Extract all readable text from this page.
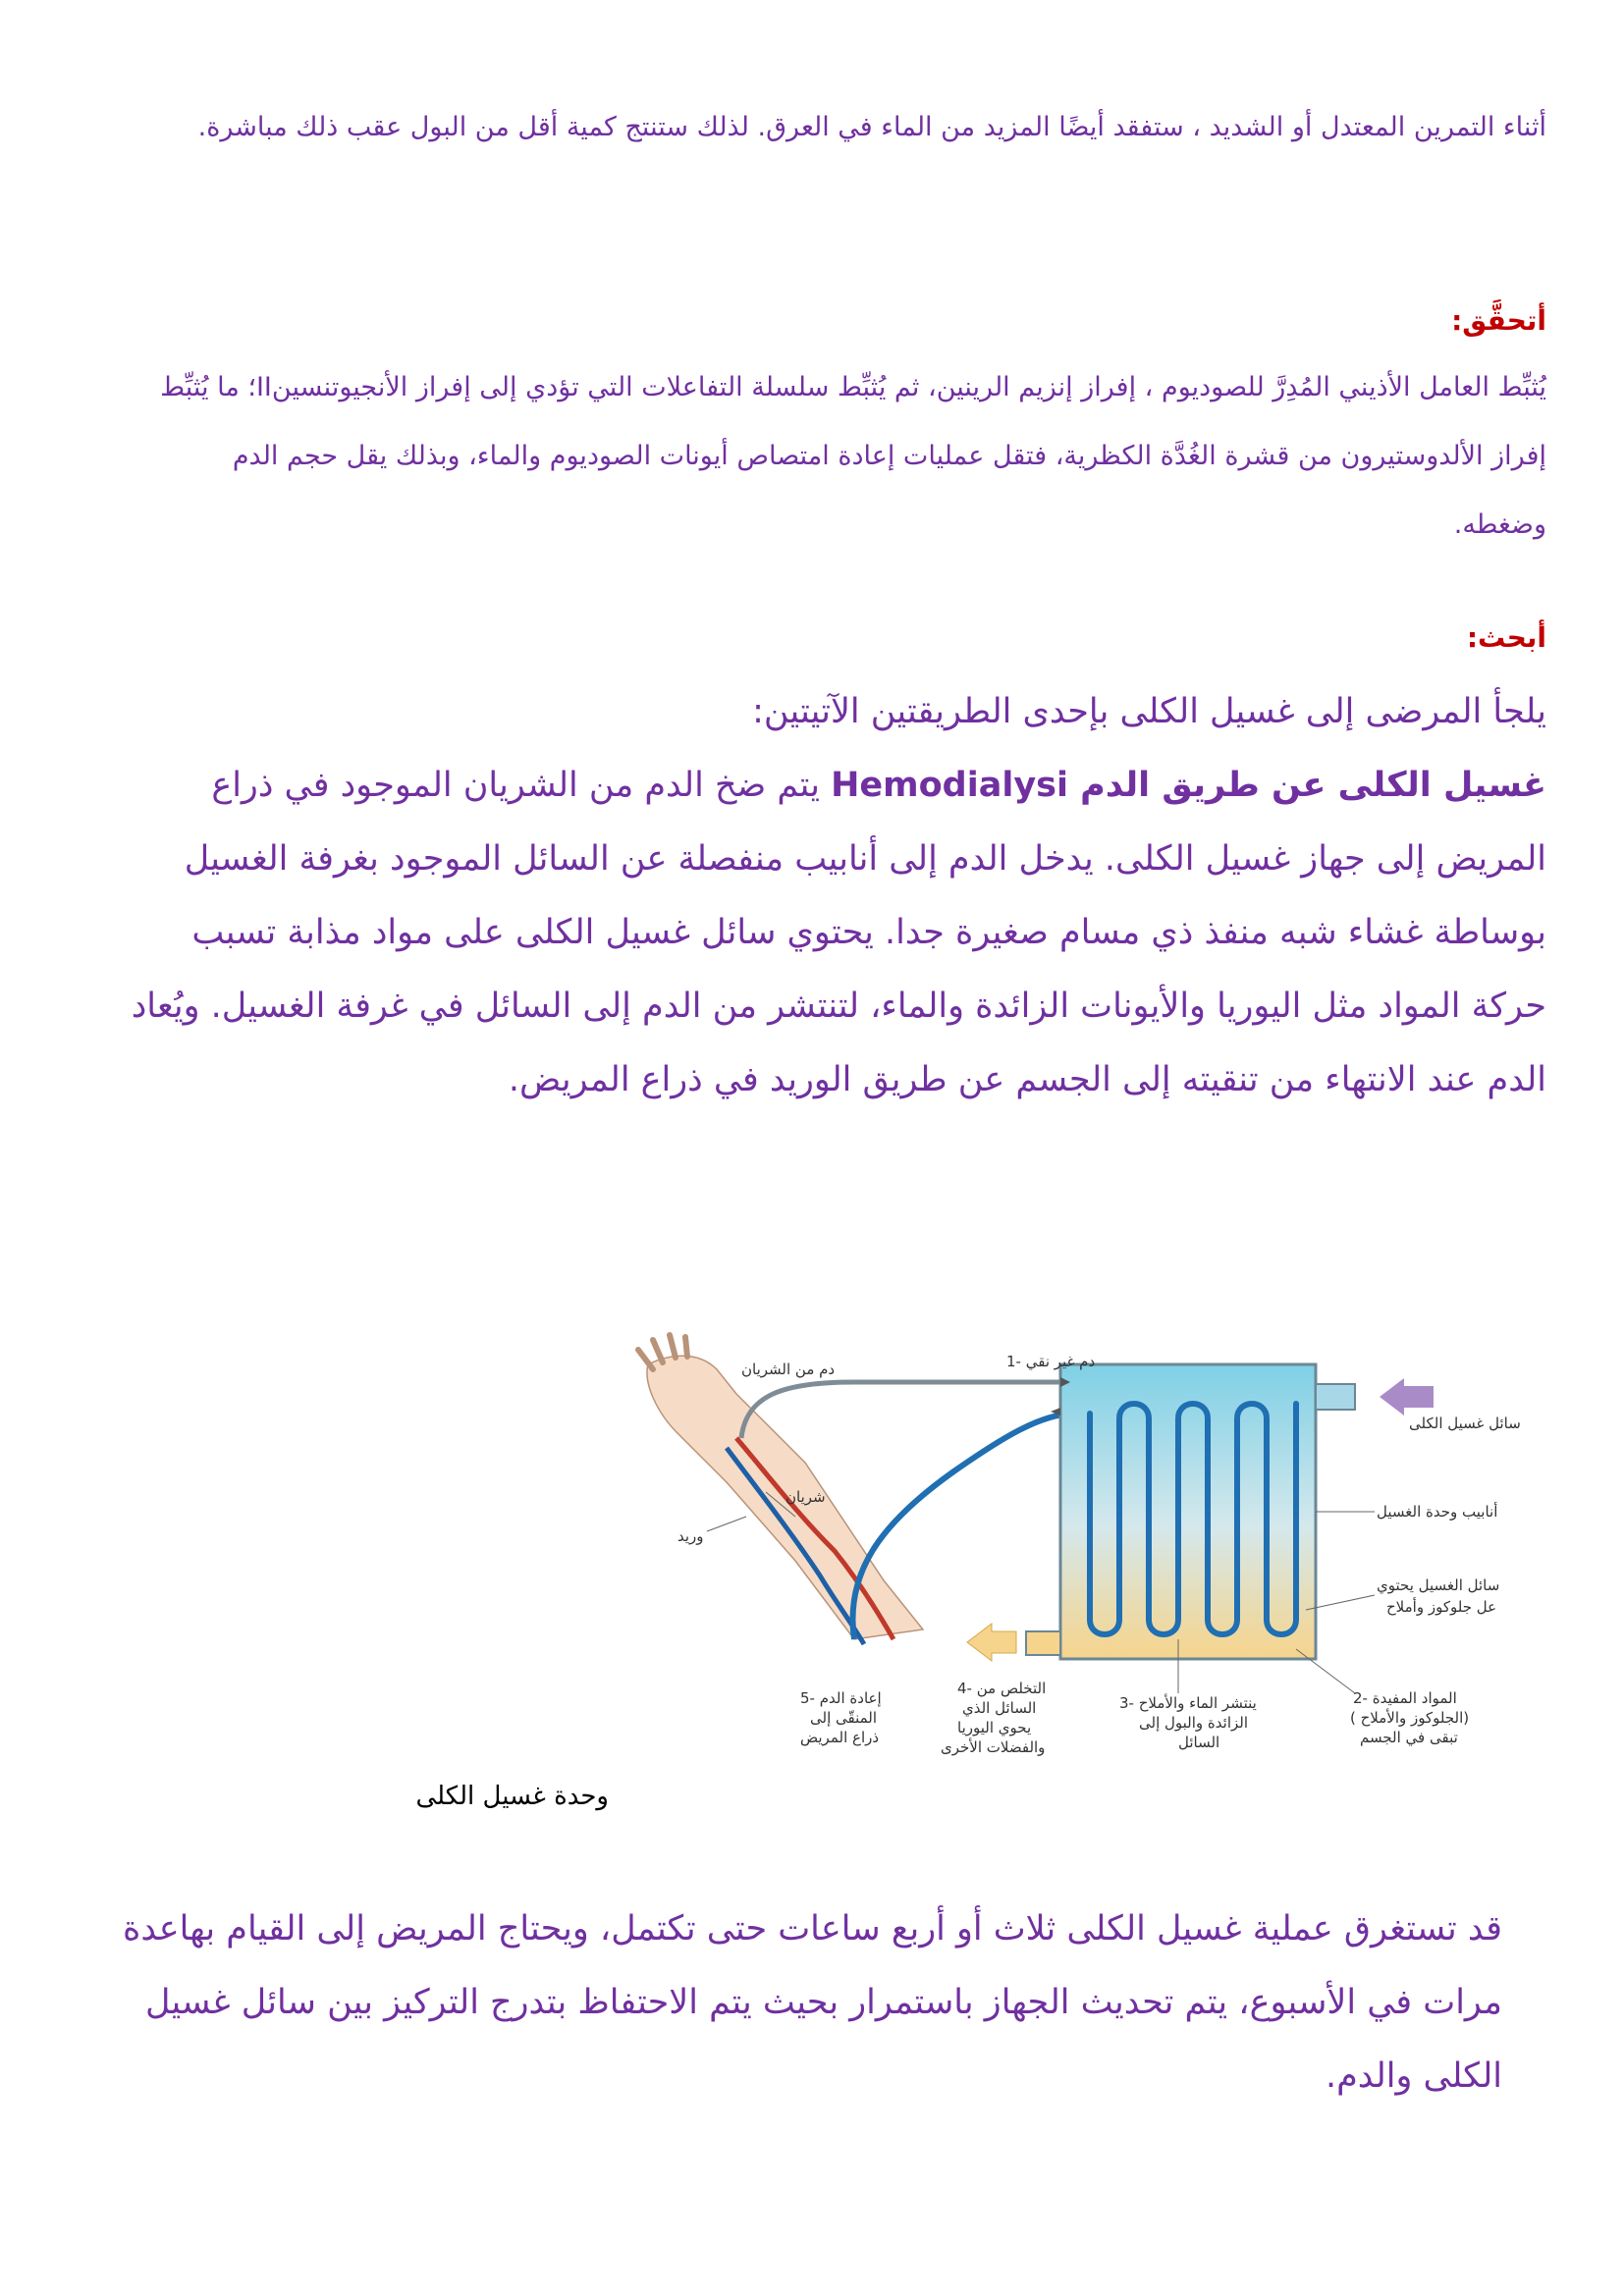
أثناء التمرين المعتدل أو الشديد ، ستفقد أيضًا المزيد من الماء في العرق. لذلك ستنتج كمية أقل من البول عقب ذلك مباشرة.
أتحقَّق:
يُثبِّط العامل الأذيني المُدِرَّ للصوديوم ، إفراز إنزيم الرينين، ثم يُثبِّط سلسلة التفاعلات التي تؤدي إلى إفراز الأنجيوتنسينII؛ ما يُثبِّط إفراز الألدوستيرون من قشرة الغُدَّة الكظرية، فتقل عمليات إعادة امتصاص أيونات الصوديوم والماء، وبذلك يقل حجم الدم وضغطه.
أبحث:
يلجأ المرضى إلى غسيل الكلى بإحدى الطريقتين الآتيتين:
غسيل الكلى عن طريق الدم Hemodialysi يتم ضخ الدم من الشريان الموجود في ذراع المريض إلى جهاز غسيل الكلى. يدخل الدم إلى أنابيب منفصلة عن السائل الموجود بغرفة الغسيل بوساطة غشاء شبه منفذ ذي مسام صغيرة جدا. يحتوي سائل غسيل الكلى على مواد مذابة تسبب حركة المواد مثل اليوريا والأيونات الزائدة والماء، لتنتشر من الدم إلى السائل في غرفة الغسيل. ويُعاد الدم عند الانتهاء من تنقيته إلى الجسم عن طريق الوريد في ذراع المريض.
1- دم غير نقي
دم من الشريان
شريان
وريد
سائل غسيل الكلى
أنابيب وحدة الغسيل
سائل الغسيل يحتوي
عل جلوكوز وأملاح
2- المواد المفيدة
( الجلوكوز والأملاح)
تبقى في الجسم
3- ينتشر الماء والأملاح
الزائدة والبول إلى
السائل
4- التخلص من
السائل الذي
يحوي اليوريا
والفضلات الأخرى
5- إعادة الدم
المنقّى إلى
ذراع المريض
وحدة غسيل الكلى
قد تستغرق عملية غسيل الكلى ثلاث أو أربع ساعات حتى تكتمل، ويحتاج المريض إلى القيام بهاعدة مرات في الأسبوع، يتم تحديث الجهاز باستمرار بحيث يتم الاحتفاظ بتدرج التركيز بين سائل غسيل الكلى والدم.
